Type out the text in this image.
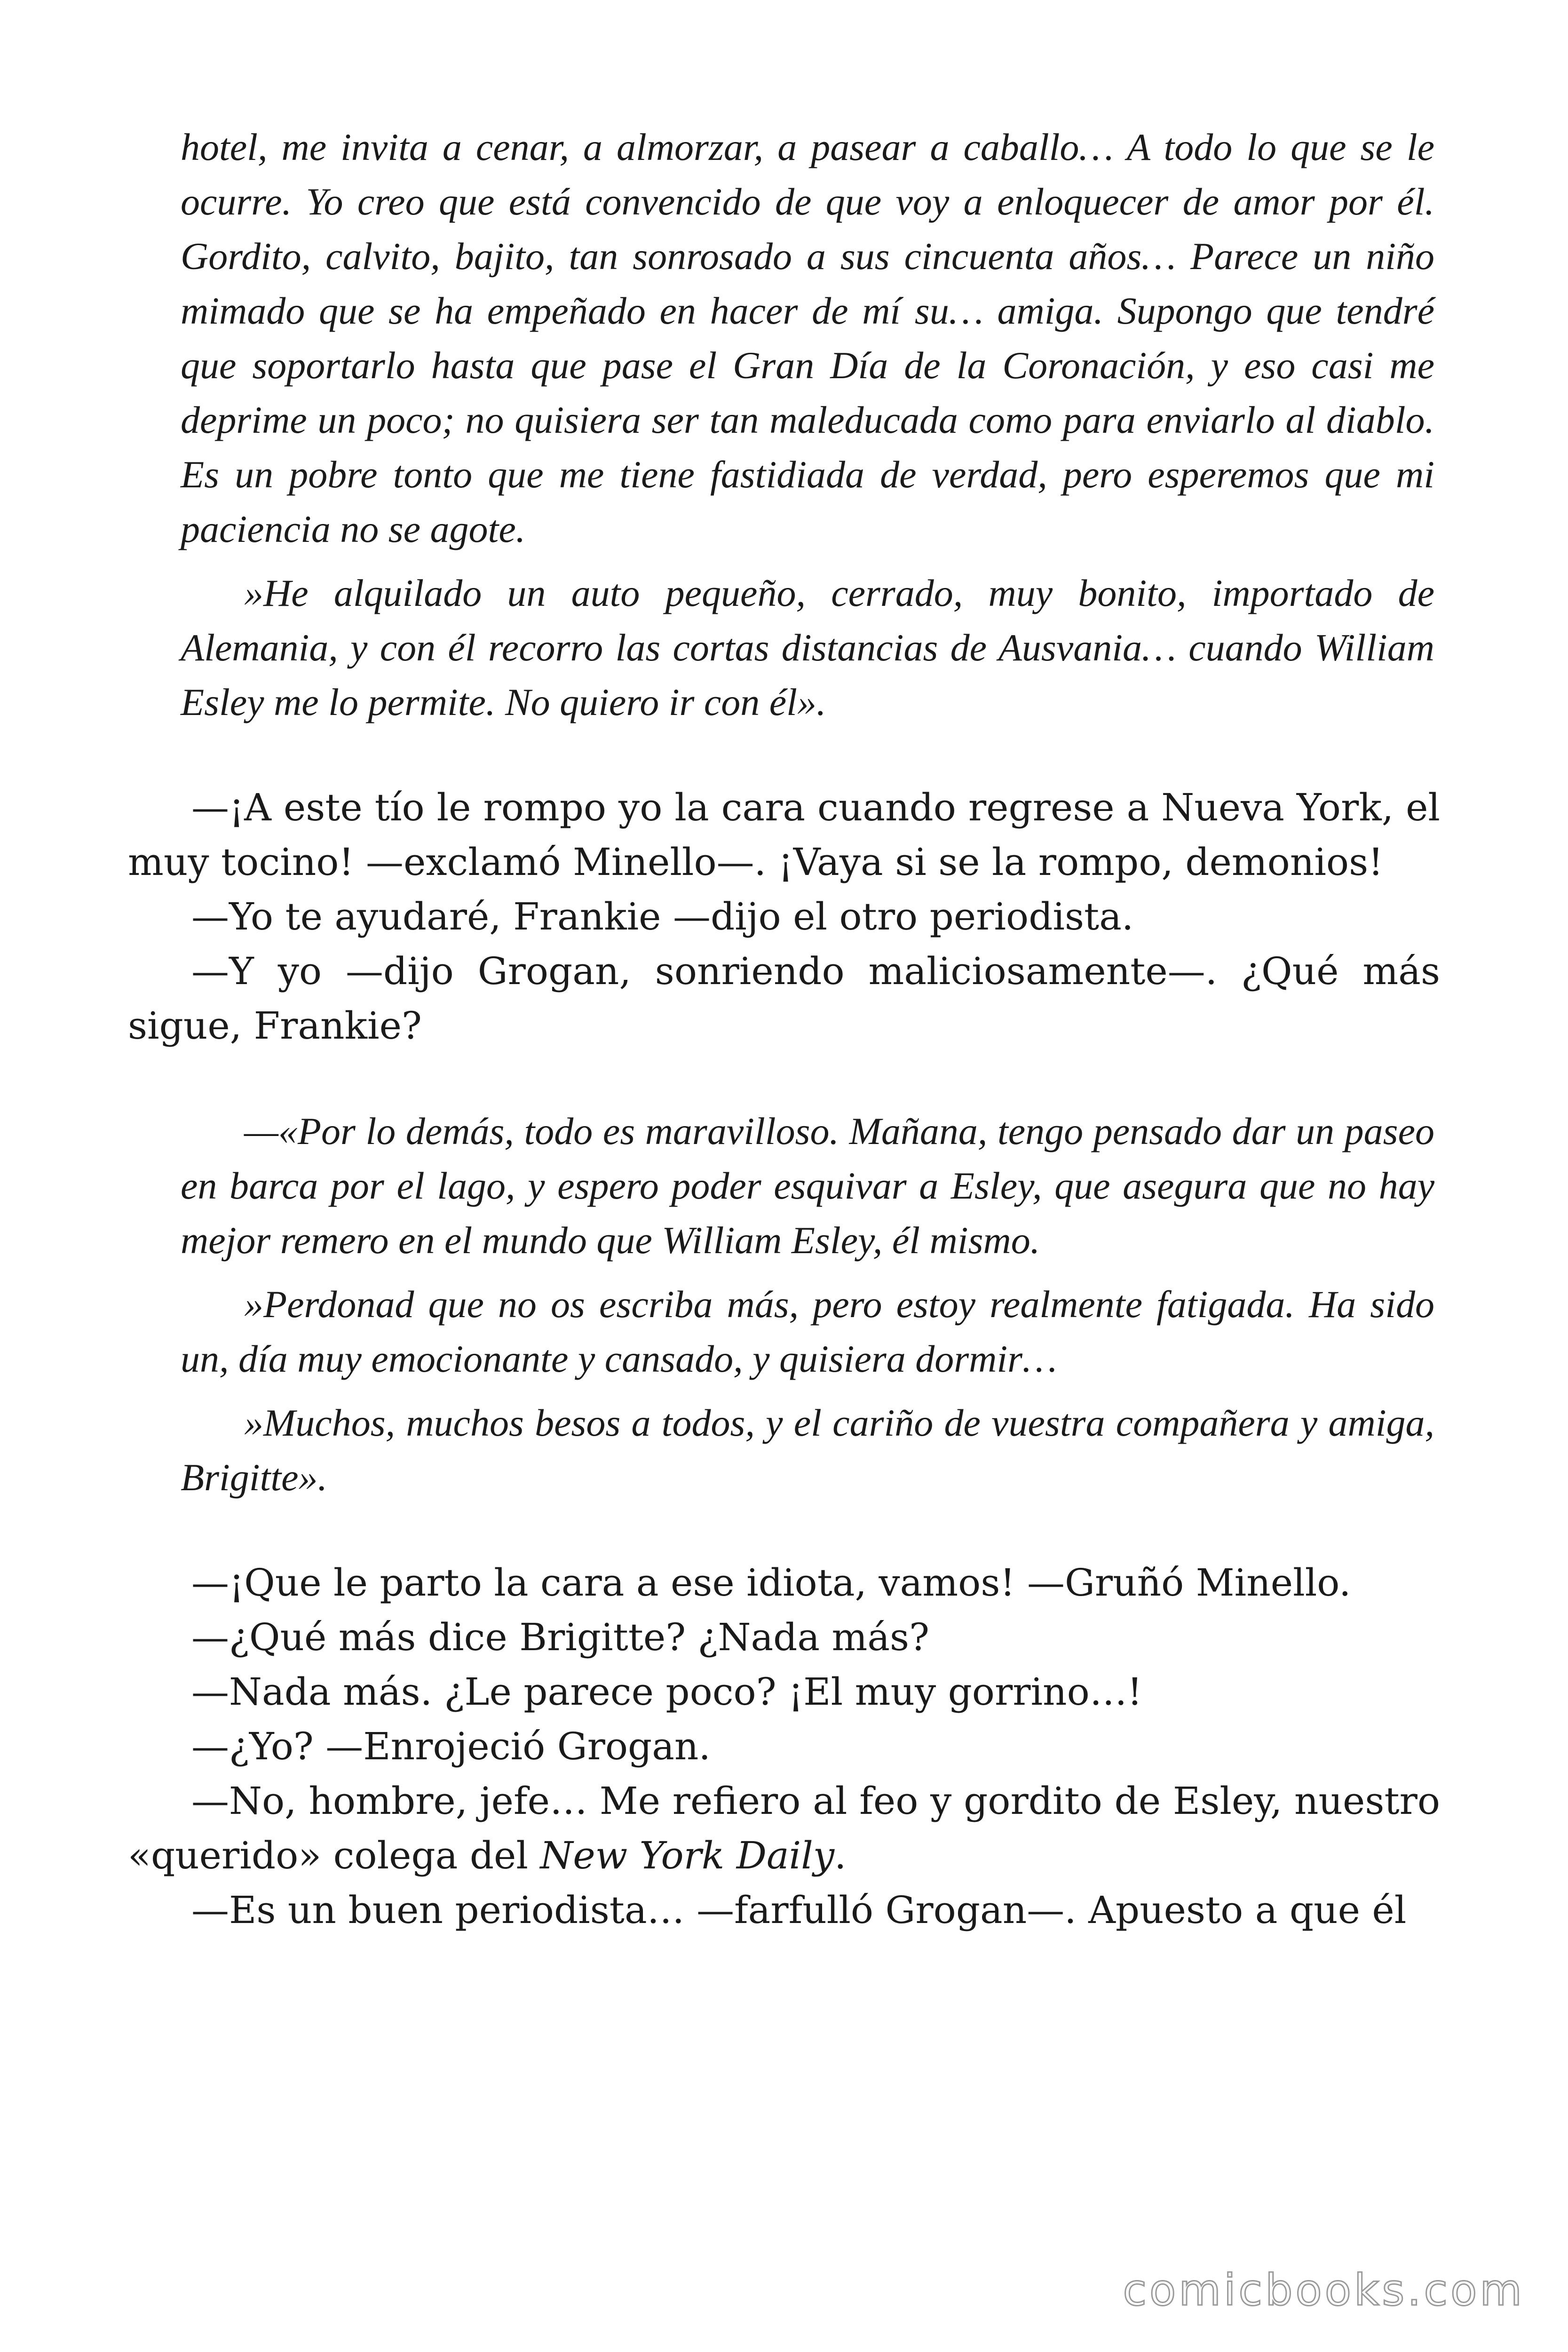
hotel, me invita a cenar, a almorzar, a pasear a caballo… A todo lo que se le ocurre. Yo creo que está convencido de que voy a enloquecer de amor por él. Gordito, calvito, bajito, tan sonrosado a sus cincuenta años… Parece un niño mimado que se ha empeñado en hacer de mí su… amiga. Supongo que tendré que soportarlo hasta que pase el Gran Día de la Coronación, y eso casi me deprime un poco; no quisiera ser tan maleducada como para enviarlo al diablo. Es un pobre tonto que me tiene fastidiada de verdad, pero esperemos que mi paciencia no se agote.

»He alquilado un auto pequeño, cerrado, muy bonito, importado de Alemania, y con él recorro las cortas distancias de Ausvania… cuando William Esley me lo permite. No quiero ir con él».

—¡A este tío le rompo yo la cara cuando regrese a Nueva York, el muy tocino! —exclamó Minello—. ¡Vaya si se la rompo, demonios!

—Yo te ayudaré, Frankie —dijo el otro periodista.

—Y yo —dijo Grogan, sonriendo maliciosamente—. ¿Qué más sigue, Frankie?

—«Por lo demás, todo es maravilloso. Mañana, tengo pensado dar un paseo en barca por el lago, y espero poder esquivar a Esley, que asegura que no hay mejor remero en el mundo que William Esley, él mismo.

»Perdonad que no os escriba más, pero estoy realmente fatigada. Ha sido un, día muy emocionante y cansado, y quisiera dormir…

»Muchos, muchos besos a todos, y el cariño de vuestra compañera y amiga, Brigitte».

—¡Que le parto la cara a ese idiota, vamos! —Gruñó Minello.

—¿Qué más dice Brigitte? ¿Nada más?

—Nada más. ¿Le parece poco? ¡El muy gorrino…!

—¿Yo? —Enrojeció Grogan.

—No, hombre, jefe… Me refiero al feo y gordito de Esley, nuestro «querido» colega del New York Daily.

—Es un buen periodista… —farfulló Grogan—. Apuesto a que él

comicbooks.com
